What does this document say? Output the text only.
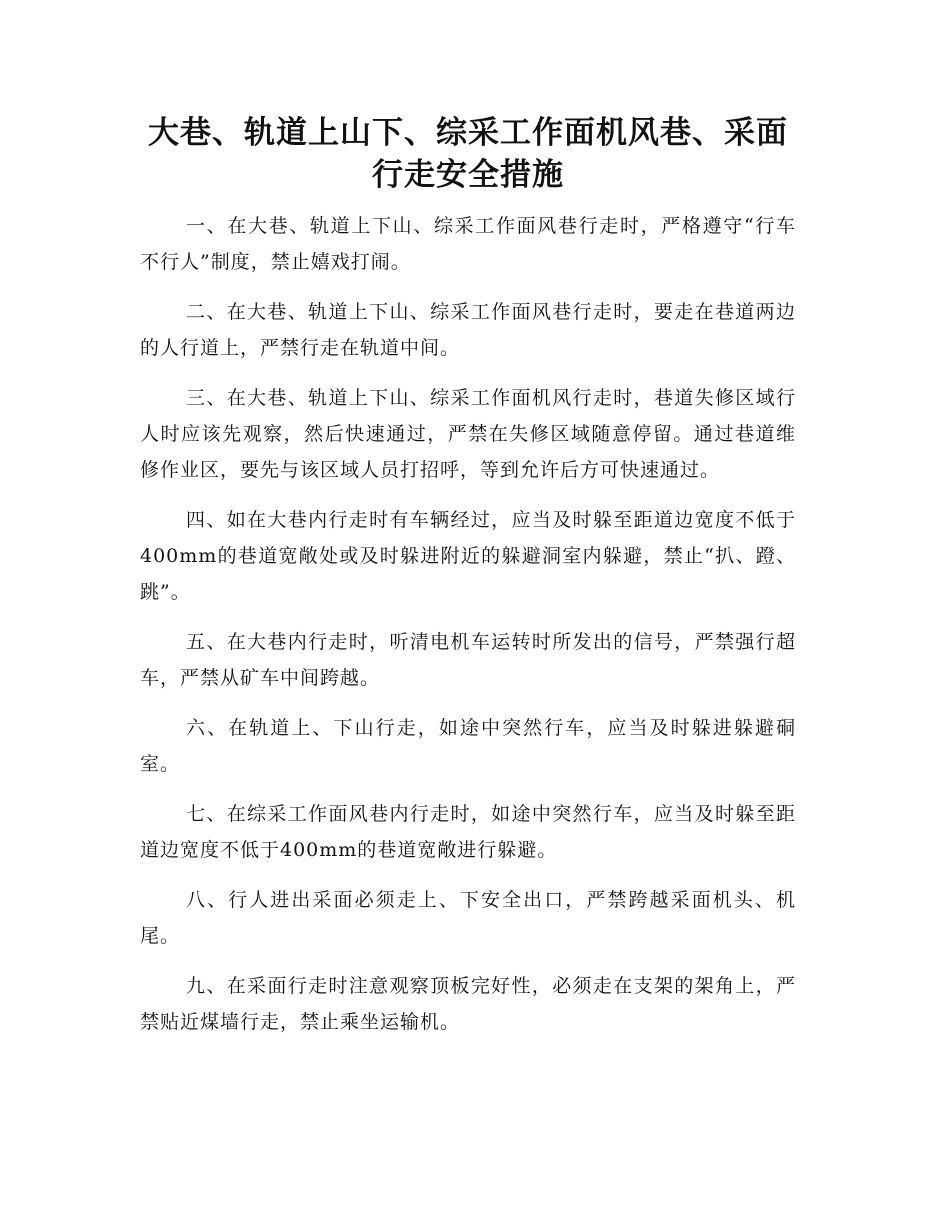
大巷、轨道上山下、综采工作面机风巷、采面行走安全措施

一、在大巷、轨道上下山、综采工作面风巷行走时，严格遵守“行车不行人”制度，禁止嬉戏打闹。

二、在大巷、轨道上下山、综采工作面风巷行走时，要走在巷道两边的人行道上，严禁行走在轨道中间。

三、在大巷、轨道上下山、综采工作面机风行走时，巷道失修区域行人时应该先观察，然后快速通过，严禁在失修区域随意停留。通过巷道维修作业区，要先与该区域人员打招呼，等到允许后方可快速通过。

四、如在大巷内行走时有车辆经过，应当及时躲至距道边宽度不低于400mm的巷道宽敞处或及时躲进附近的躲避洞室内躲避，禁止“扒、蹬、跳”。

五、在大巷内行走时，听清电机车运转时所发出的信号，严禁强行超车，严禁从矿车中间跨越。

六、在轨道上、下山行走，如途中突然行车，应当及时躲进躲避硐室。

七、在综采工作面风巷内行走时，如途中突然行车，应当及时躲至距道边宽度不低于400mm的巷道宽敞进行躲避。

八、行人进出采面必须走上、下安全出口，严禁跨越采面机头、机尾。

九、在采面行走时注意观察顶板完好性，必须走在支架的架角上，严禁贴近煤墙行走，禁止乘坐运输机。
